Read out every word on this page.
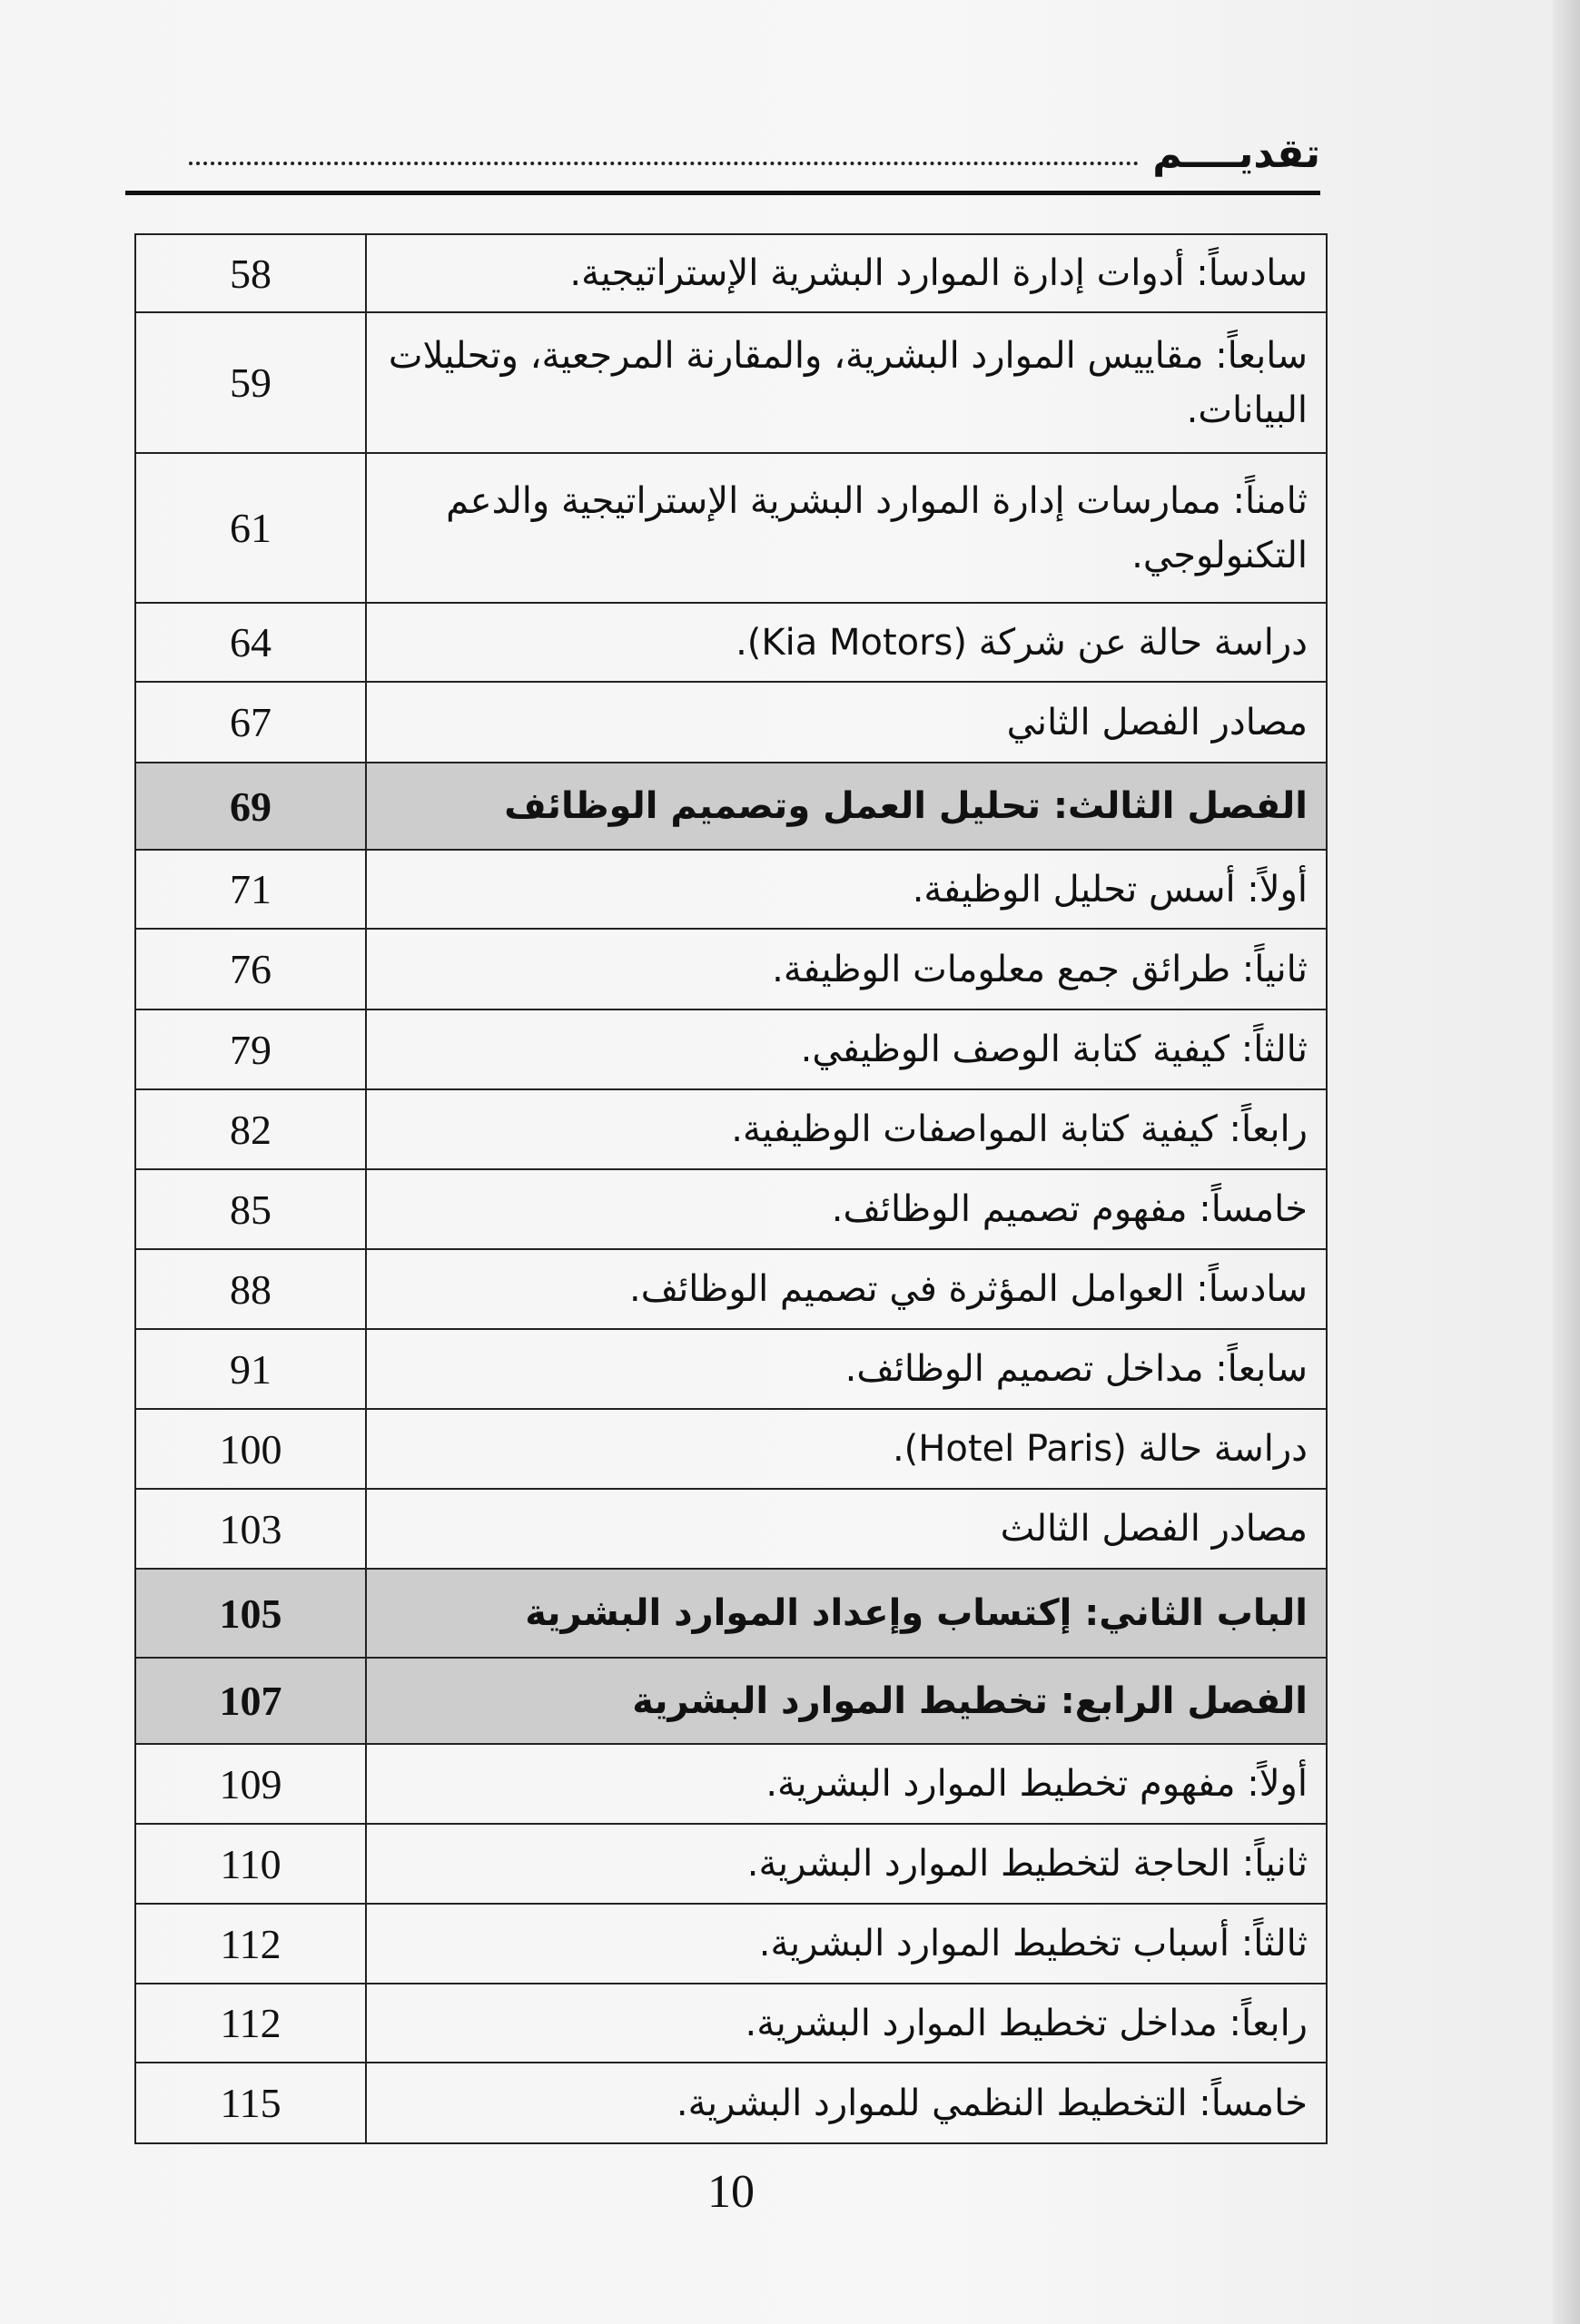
تقديــــم
سادساً: أدوات إدارة الموارد البشرية الإستراتيجية.	58
سابعاً: مقاييس الموارد البشرية، والمقارنة المرجعية، وتحليلات البيانات.	59
ثامناً: ممارسات إدارة الموارد البشرية الإستراتيجية والدعم التكنولوجي.	61
دراسة حالة عن شركة (Kia Motors).	64
مصادر الفصل الثاني	67
الفصل الثالث: تحليل العمل وتصميم الوظائف	69
أولاً: أسس تحليل الوظيفة.	71
ثانياً: طرائق جمع معلومات الوظيفة.	76
ثالثاً: كيفية كتابة الوصف الوظيفي.	79
رابعاً: كيفية كتابة المواصفات الوظيفية.	82
خامساً: مفهوم تصميم الوظائف.	85
سادساً: العوامل المؤثرة في تصميم الوظائف.	88
سابعاً: مداخل تصميم الوظائف.	91
دراسة حالة (Hotel Paris).	100
مصادر الفصل الثالث	103
الباب الثاني: إكتساب وإعداد الموارد البشرية	105
الفصل الرابع: تخطيط الموارد البشرية	107
أولاً: مفهوم تخطيط الموارد البشرية.	109
ثانياً: الحاجة لتخطيط الموارد البشرية.	110
ثالثاً: أسباب تخطيط الموارد البشرية.	112
رابعاً: مداخل تخطيط الموارد البشرية.	112
خامساً: التخطيط النظمي للموارد البشرية.	115
10
